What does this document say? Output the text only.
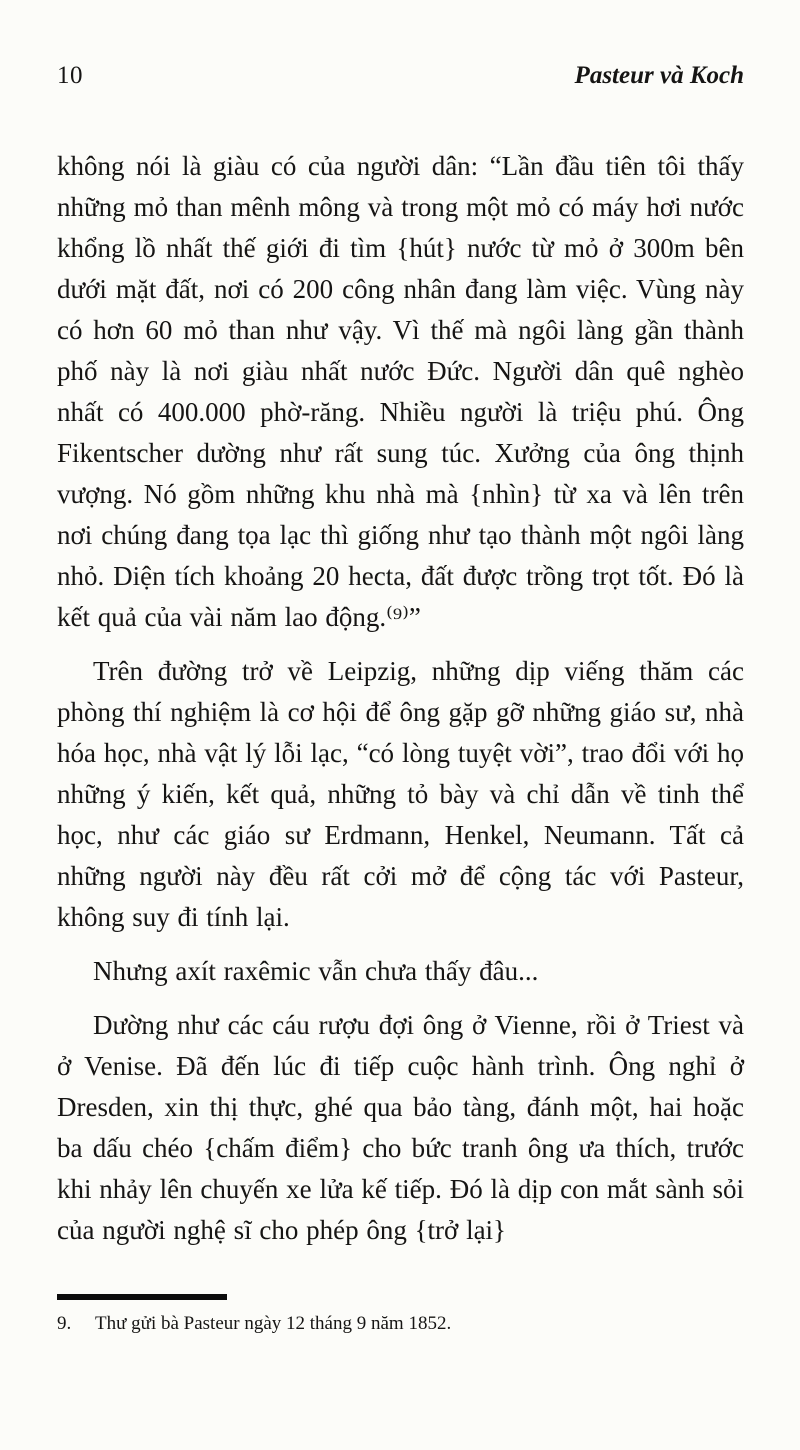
10	Pasteur và Koch

không nói là giàu có của người dân: “Lần đầu tiên tôi thấy những mỏ than mênh mông và trong một mỏ có máy hơi nước khổng lồ nhất thế giới đi tìm {hút} nước từ mỏ ở 300m bên dưới mặt đất, nơi có 200 công nhân đang làm việc. Vùng này có hơn 60 mỏ than như vậy. Vì thế mà ngôi làng gần thành phố này là nơi giàu nhất nước Đức. Người dân quê nghèo nhất có 400.000 phờ-răng. Nhiều người là triệu phú. Ông Fikentscher dường như rất sung túc. Xưởng của ông thịnh vượng. Nó gồm những khu nhà mà {nhìn} từ xa và lên trên nơi chúng đang tọa lạc thì giống như tạo thành một ngôi làng nhỏ. Diện tích khoảng 20 hecta, đất được trồng trọt tốt. Đó là kết quả của vài năm lao động.⁽⁹⁾”

Trên đường trở về Leipzig, những dịp viếng thăm các phòng thí nghiệm là cơ hội để ông gặp gỡ những giáo sư, nhà hóa học, nhà vật lý lỗi lạc, “có lòng tuyệt vời”, trao đổi với họ những ý kiến, kết quả, những tỏ bày và chỉ dẫn về tinh thể học, như các giáo sư Erdmann, Henkel, Neumann. Tất cả những người này đều rất cởi mở để cộng tác với Pasteur, không suy đi tính lại.

Nhưng axít raxêmic vẫn chưa thấy đâu...

Dường như các cáu rượu đợi ông ở Vienne, rồi ở Triest và ở Venise. Đã đến lúc đi tiếp cuộc hành trình. Ông nghỉ ở Dresden, xin thị thực, ghé qua bảo tàng, đánh một, hai hoặc ba dấu chéo {chấm điểm} cho bức tranh ông ưa thích, trước khi nhảy lên chuyến xe lửa kế tiếp. Đó là dịp con mắt sành sỏi của người nghệ sĩ cho phép ông {trở lại}

9.	Thư gửi bà Pasteur ngày 12 tháng 9 năm 1852.
